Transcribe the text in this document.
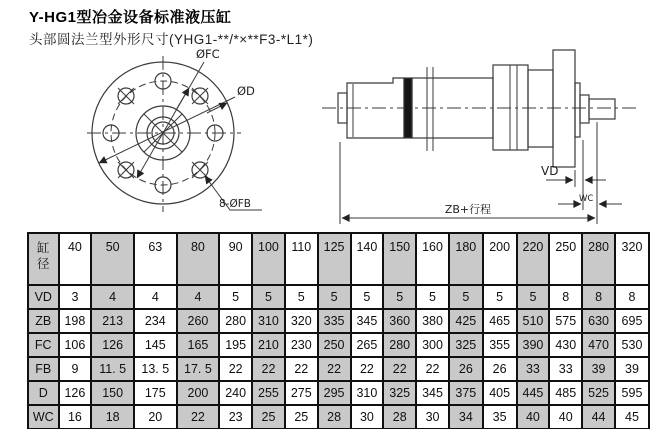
Y-HG1型冶金设备标准液压缸
头部圆法兰型外形尺寸(YHG1-**/*×**F3-*L1*)
ØFC
ØD
8-ØFB
VD
WC
ZB+行程
缸径	40	50	63	80	90	100	110	125	140	150	160	180	200	220	250	280	320
VD	3	4	4	4	5	5	5	5	5	5	5	5	5	5	8	8	8
ZB	198	213	234	260	280	310	320	335	345	360	380	425	465	510	575	630	695
FC	106	126	145	165	195	210	230	250	265	280	300	325	355	390	430	470	530
FB	9	11. 5	13. 5	17. 5	22	22	22	22	22	22	22	26	26	33	33	39	39
D	126	150	175	200	240	255	275	295	310	325	345	375	405	445	485	525	595
WC	16	18	20	22	23	25	25	28	30	28	30	34	35	40	40	44	45
